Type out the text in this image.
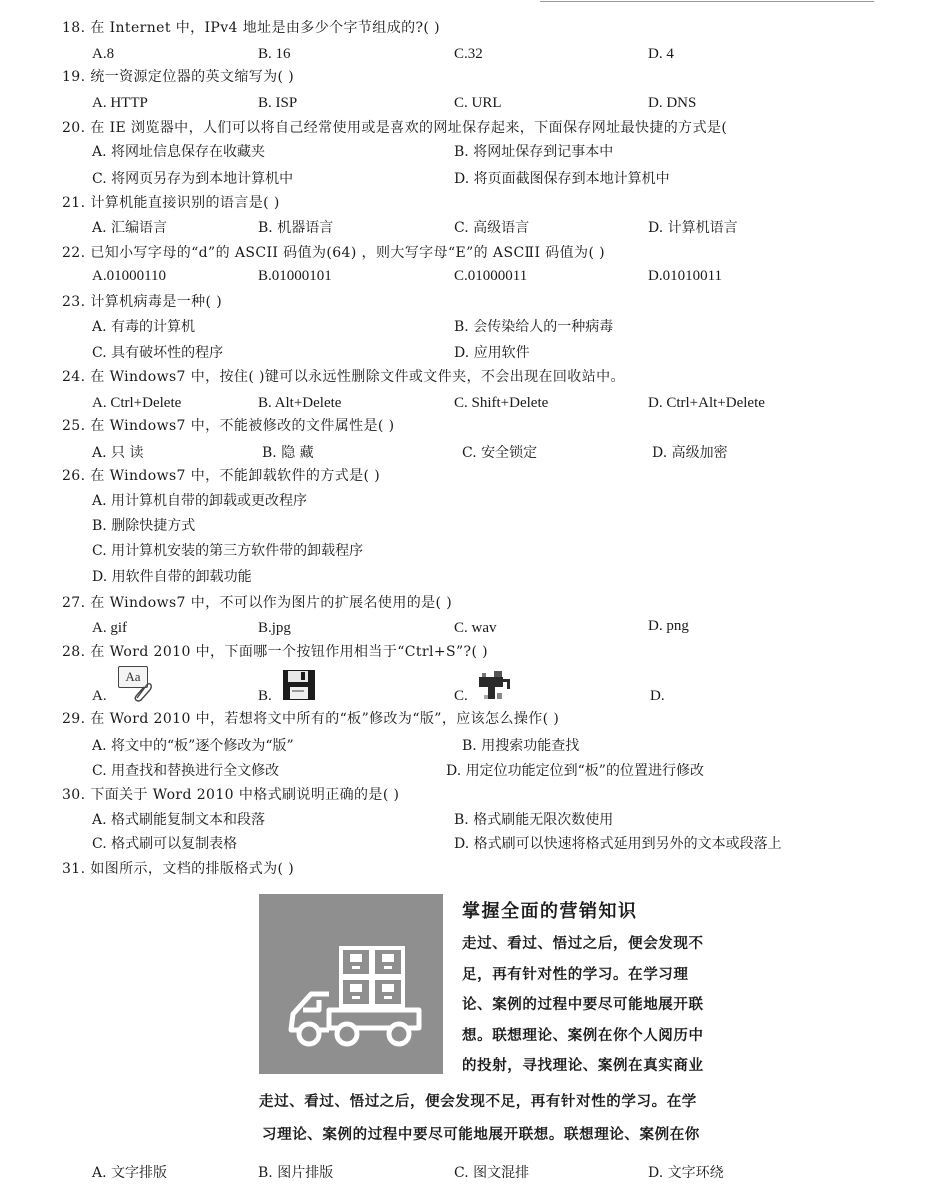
18. 在 Internet 中，IPv4 地址是由多少个字节组成的?( )
A.8	B. 16	C.32	D. 4
19. 统一资源定位器的英文缩写为( )
A. HTTP	B. ISP	C. URL	D. DNS
20. 在 IE 浏览器中，人们可以将自己经常使用或是喜欢的网址保存起来，下面保存网址最快捷的方式是(
A. 将网址信息保存在收藏夹	B. 将网址保存到记事本中
C. 将网页另存为到本地计算机中	D. 将页面截图保存到本地计算机中
21. 计算机能直接识别的语言是( )
A. 汇编语言	B. 机器语言	C. 高级语言	D. 计算机语言
22. 已知小写字母的“d”的 ASCII 码值为(64) ，则大写字母“E”的 ASCⅡI 码值为( )
A.01000110	B.01000101	C.01000011	D.01010011
23. 计算机病毒是一种( )
A. 有毒的计算机	B. 会传染给人的一种病毒
C. 具有破坏性的程序	D. 应用软件
24. 在 Windows7 中，按住( )键可以永远性删除文件或文件夹，不会出现在回收站中。
A. Ctrl+Delete	B. Alt+Delete	C. Shift+Delete	D. Ctrl+Alt+Delete
25. 在 Windows7 中，不能被修改的文件属性是( )
A. 只 读	B. 隐 藏	C. 安全锁定	D. 高级加密
26. 在 Windows7 中，不能卸载软件的方式是( )
A. 用计算机自带的卸载或更改程序
B. 删除快捷方式
C. 用计算机安装的第三方软件带的卸载程序
D. 用软件自带的卸载功能
27. 在 Windows7 中，不可以作为图片的扩展名使用的是( )
A. gif	B.jpg	C. wav	D. png
28. 在 Word 2010 中，下面哪一个按钮作用相当于“Ctrl+S”?( )
A.	B.	C.	D.
Aa
29. 在 Word 2010 中，若想将文中所有的“板”修改为“版”，应该怎么操作( )
A. 将文中的“板”逐个修改为“版”	B. 用搜索功能查找
C. 用查找和替换进行全文修改	D. 用定位功能定位到“板”的位置进行修改
30. 下面关于 Word 2010 中格式刷说明正确的是( )
A. 格式刷能复制文本和段落	B. 格式刷能无限次数使用
C. 格式刷可以复制表格	D. 格式刷可以快速将格式延用到另外的文本或段落上
31. 如图所示，文档的排版格式为( )
掌握全面的营销知识
走过、看过、悟过之后，便会发现不
足，再有针对性的学习。在学习理
论、案例的过程中要尽可能地展开联
想。联想理论、案例在你个人阅历中
的投射，寻找理论、案例在真实商业
走过、看过、悟过之后，便会发现不足，再有针对性的学习。在学
习理论、案例的过程中要尽可能地展开联想。联想理论、案例在你
A. 文字排版	B. 图片排版	C. 图文混排	D. 文字环绕
